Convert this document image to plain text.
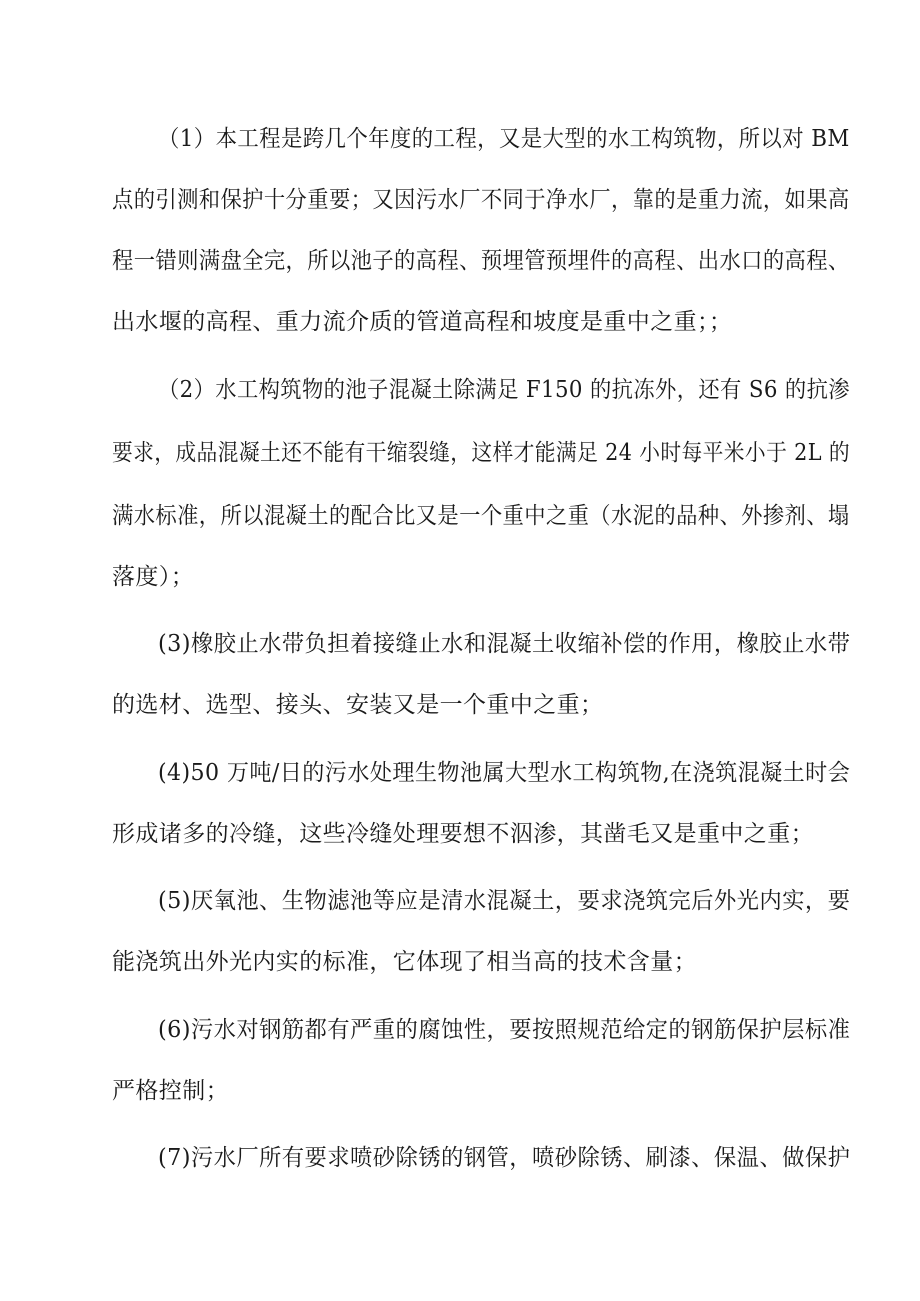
（1）本工程是跨几个年度的工程，又是大型的水工构筑物，所以对 BM
点的引测和保护十分重要；又因污水厂不同于净水厂，靠的是重力流，如果高
程一错则满盘全完，所以池子的高程、预埋管预埋件的高程、出水口的高程、
出水堰的高程、重力流介质的管道高程和坡度是重中之重；；
（2）水工构筑物的池子混凝土除满足 F150 的抗冻外，还有 S6 的抗渗
要求，成品混凝土还不能有干缩裂缝，这样才能满足 24 小时每平米小于 2L 的
满水标准，所以混凝土的配合比又是一个重中之重（水泥的品种、外掺剂、塌
落度）；
(3)橡胶止水带负担着接缝止水和混凝土收缩补偿的作用，橡胶止水带
的选材、选型、接头、安装又是一个重中之重；
(4)50 万吨/日的污水处理生物池属大型水工构筑物,在浇筑混凝土时会
形成诸多的冷缝，这些冷缝处理要想不泅渗，其凿毛又是重中之重；
(5)厌氧池、生物滤池等应是清水混凝土，要求浇筑完后外光内实，要
能浇筑出外光内实的标准，它体现了相当高的技术含量；
(6)污水对钢筋都有严重的腐蚀性，要按照规范给定的钢筋保护层标准
严格控制；
(7)污水厂所有要求喷砂除锈的钢管，喷砂除锈、刷漆、保温、做保护
